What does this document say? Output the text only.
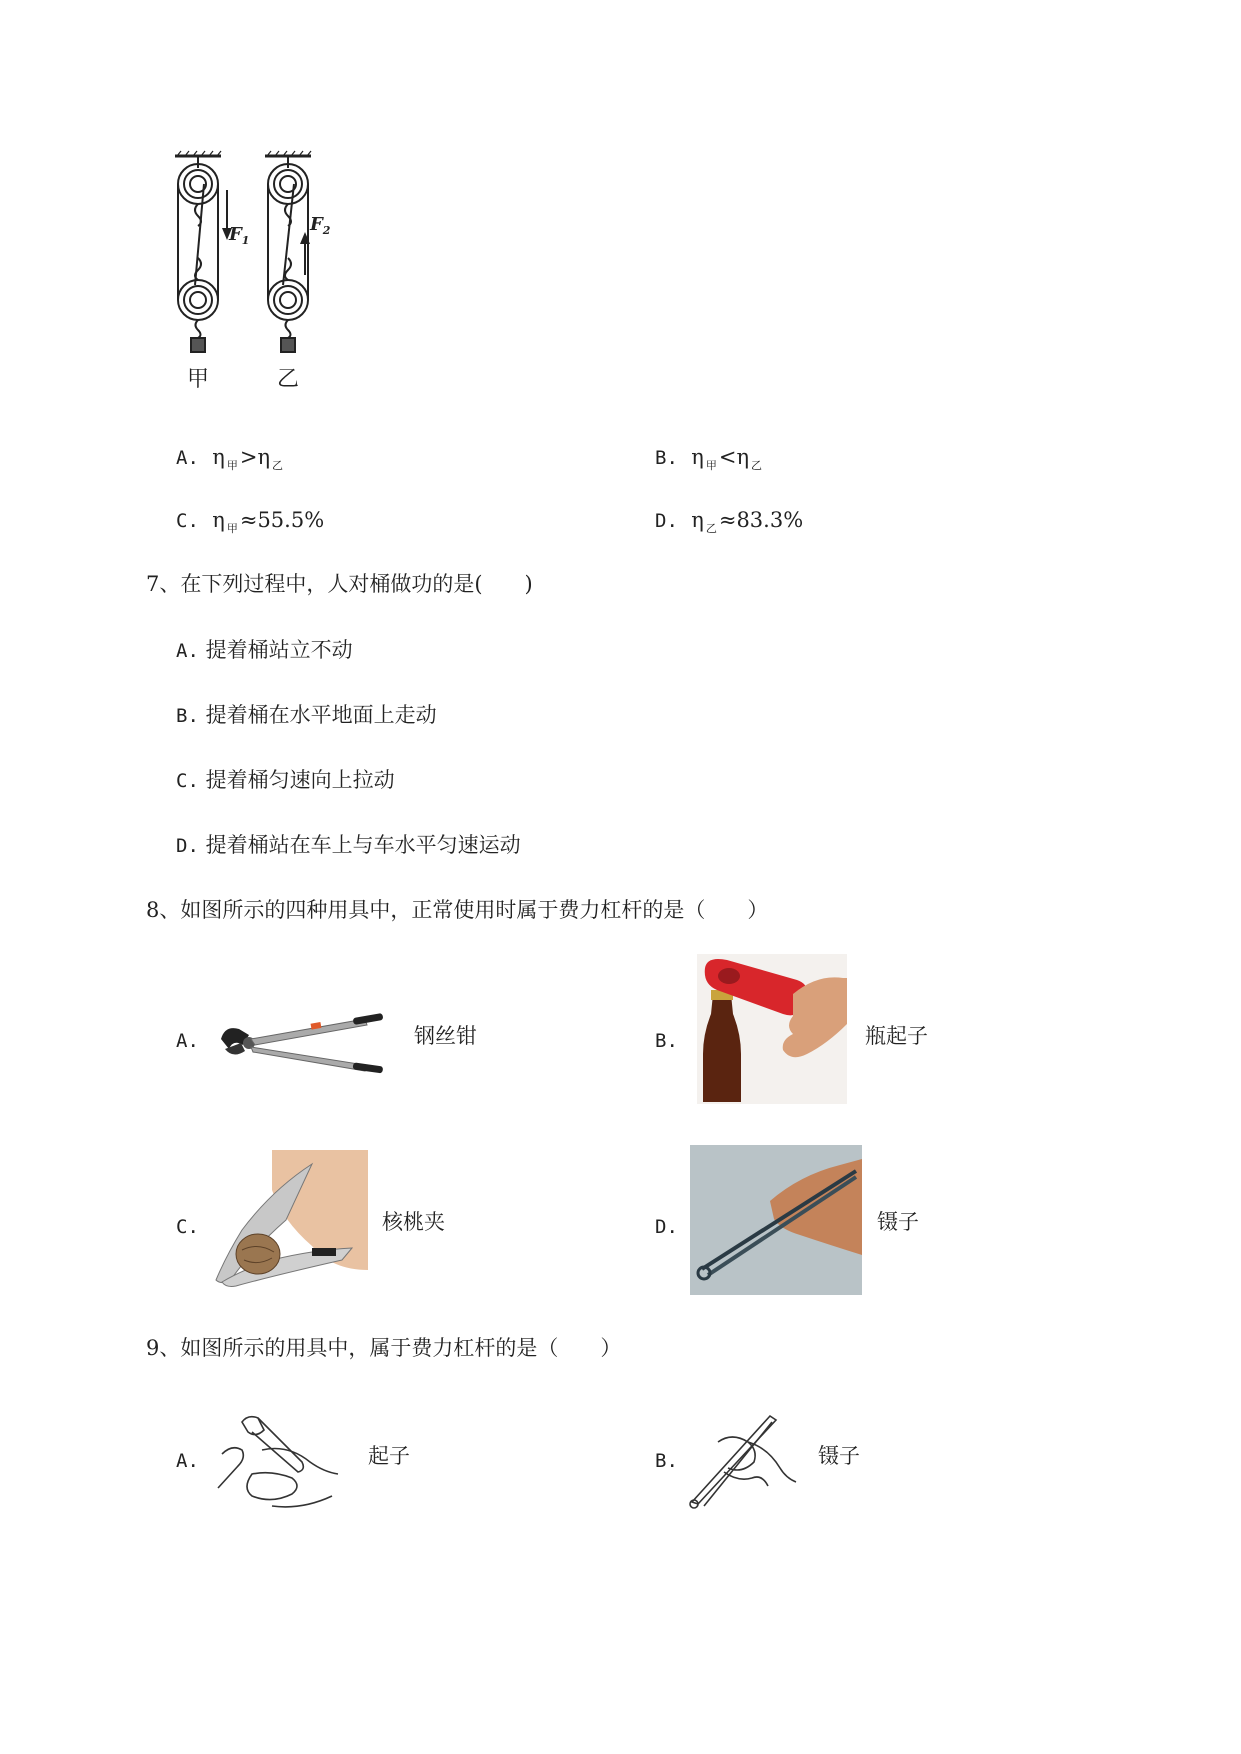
$F_1$
$F_2$
甲	乙
A. η $_甲$>η $_乙$	B. η $_甲$<η $_乙$
C. η $_甲$≈55.5%	D. η $_乙$≈83.3%
7、在下列过程中，人对桶做功的是(　　)
A. 提着桶站立不动
B. 提着桶在水平地面上走动
C. 提着桶匀速向上拉动
D. 提着桶站在车上与车水平匀速运动
8、如图所示的四种用具中，正常使用时属于费力杠杆的是（　　）
A.	钢丝钳	B.	瓶起子
C.	核桃夹	D.	镊子
9、如图所示的用具中，属于费力杠杆的是（　　）
A.	起子	B.	镊子
